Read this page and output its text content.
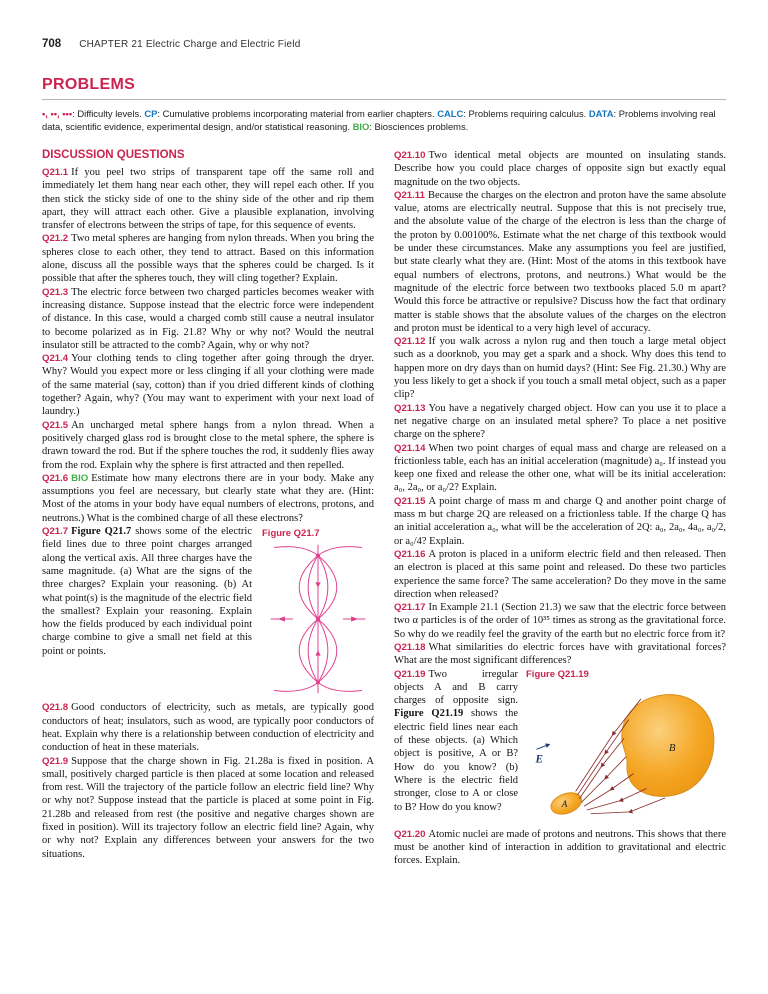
708 CHAPTER 21 Electric Charge and Electric Field
PROBLEMS

•, ••, •••: Difficulty levels. CP: Cumulative problems incorporating material from earlier chapters. CALC: Problems requiring calculus. DATA: Problems involving real data, scientific evidence, experimental design, and/or statistical reasoning. BIO: Biosciences problems.

DISCUSSION QUESTIONS
Q21.1 If you peel two strips of transparent tape off the same roll and immediately let them hang near each other, they will repel each other. If you then stick the sticky side of one to the shiny side of the other and rip them apart, they will attract each other. Give a plausible explanation, involving transfer of electrons between the strips of tape, for this sequence of events.
Q21.2 Two metal spheres are hanging from nylon threads. When you bring the spheres close to each other, they tend to attract. Based on this information alone, discuss all the possible ways that the spheres could be charged. Is it possible that after the spheres touch, they will cling together? Explain.
Q21.3 The electric force between two charged particles becomes weaker with increasing distance. Suppose instead that the electric force were independent of distance. In this case, would a charged comb still cause a neutral insulator to become polarized as in Fig. 21.8? Why or why not? Would the neutral insulator still be attracted to the comb? Again, why or why not?
Q21.4 Your clothing tends to cling together after going through the dryer. Why? Would you expect more or less clinging if all your clothing were made of the same material (say, cotton) than if you dried different kinds of clothing together? Again, why? (You may want to experiment with your next load of laundry.)
Q21.5 An uncharged metal sphere hangs from a nylon thread. When a positively charged glass rod is brought close to the metal sphere, the sphere is drawn toward the rod. But if the sphere touches the rod, it suddenly flies away from the rod. Explain why the sphere is first attracted and then repelled.
Q21.6 BIO Estimate how many electrons there are in your body. Make any assumptions you feel are necessary, but clearly state what they are. (Hint: Most of the atoms in your body have equal numbers of electrons, protons, and neutrons.) What is the combined charge of all these electrons?
Figure Q21.7
Q21.7 Figure Q21.7 shows some of the electric field lines due to three point charges arranged along the vertical axis. All three charges have the same magnitude. (a) What are the signs of the three charges? Explain your reasoning. (b) At what point(s) is the magnitude of the electric field the smallest? Explain your reasoning. Explain how the fields produced by each individual point charge combine to give a small net field at this point or points.
Q21.8 Good conductors of electricity, such as metals, are typically good conductors of heat; insulators, such as wood, are typically poor conductors of heat. Explain why there is a relationship between conduction of electricity and conduction of heat in these materials.
Q21.9 Suppose that the charge shown in Fig. 21.28a is fixed in position. A small, positively charged particle is then placed at some location and released from rest. Will the trajectory of the particle follow an electric field line? Why or why not? Suppose instead that the particle is placed at some point in Fig. 21.28b and released from rest (the positive and negative charges shown are fixed in position). Will its trajectory follow an electric field line? Again, why or why not? Explain any differences between your answers for the two situations.
Q21.10 Two identical metal objects are mounted on insulating stands. Describe how you could place charges of opposite sign but exactly equal magnitude on the two objects.
Q21.11 Because the charges on the electron and proton have the same absolute value, atoms are electrically neutral. Suppose that this is not precisely true, and the absolute value of the charge of the electron is less than the charge of the proton by 0.00100%. Estimate what the net charge of this textbook would be under these circumstances. Make any assumptions you feel are justified, but state clearly what they are. (Hint: Most of the atoms in this textbook have equal numbers of electrons, protons, and neutrons.) What would be the magnitude of the electric force between two textbooks placed 5.0 m apart? Would this force be attractive or repulsive? Discuss how the fact that ordinary matter is stable shows that the absolute values of the charges on the electron and proton must be identical to a very high level of accuracy.
Q21.12 If you walk across a nylon rug and then touch a large metal object such as a doorknob, you may get a spark and a shock. Why does this tend to happen more on dry days than on humid days? (Hint: See Fig. 21.30.) Why are you less likely to get a shock if you touch a small metal object, such as a paper clip?
Q21.13 You have a negatively charged object. How can you use it to place a net negative charge on an insulated metal sphere? To place a net positive charge on the sphere?
Q21.14 When two point charges of equal mass and charge are released on a frictionless table, each has an initial acceleration (magnitude) a₀. If instead you keep one fixed and release the other one, what will be its initial acceleration: a₀, 2a₀, or a₀/2? Explain.
Q21.15 A point charge of mass m and charge Q and another point charge of mass m but charge 2Q are released on a frictionless table. If the charge Q has an initial acceleration a₀, what will be the acceleration of 2Q: a₀, 2a₀, 4a₀, a₀/2, or a₀/4? Explain.
Q21.16 A proton is placed in a uniform electric field and then released. Then an electron is placed at this same point and released. Do these two particles experience the same force? The same acceleration? Do they move in the same direction when released?
Q21.17 In Example 21.1 (Section 21.3) we saw that the electric force between two α particles is of the order of 10³⁵ times as strong as the gravitational force. So why do we readily feel the gravity of the earth but no electric force from it?
Q21.18 What similarities do electric forces have with gravitational forces? What are the most significant differences?
Figure Q21.19
E
B
A
Q21.19 Two irregular objects A and B carry charges of opposite sign. Figure Q21.19 shows the electric field lines near each of these objects. (a) Which object is positive, A or B? How do you know? (b) Where is the electric field stronger, close to A or close to B? How do you know?
Q21.20 Atomic nuclei are made of protons and neutrons. This shows that there must be another kind of interaction in addition to gravitational and electric forces. Explain.
